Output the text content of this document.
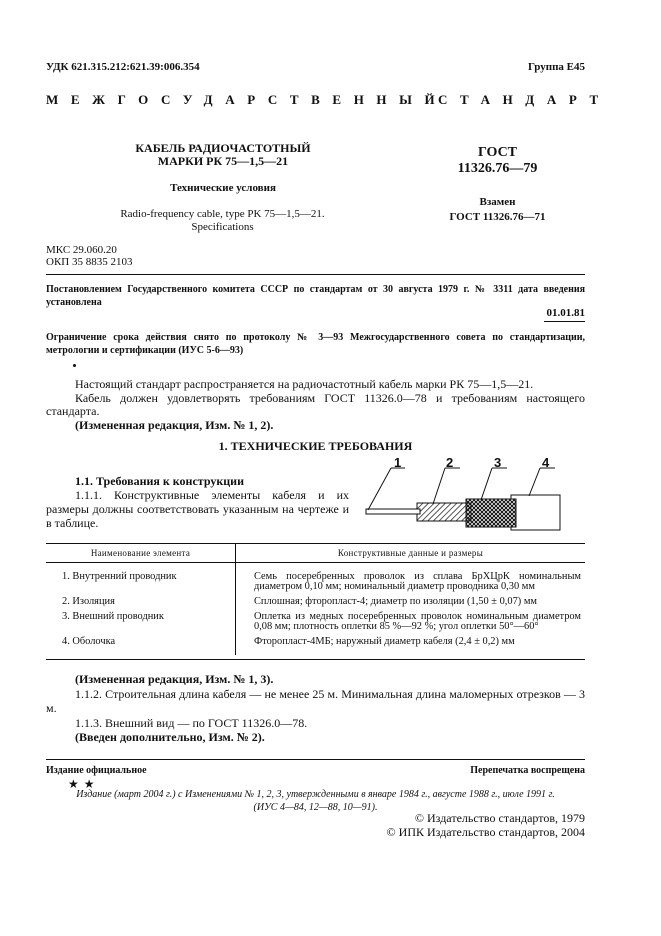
УДК 621.315.212:621.39:006.354	Группа Е45
МЕЖГОСУДАРСТВЕННЫЙ
СТАНДАРТ
КАБЕЛЬ РАДИОЧАСТОТНЫЙ
МАРКИ РК 75—1,5—21
Технические условия
Radio-frequency cable, type PK 75—1,5—21.
Specifications
ГОСТ
11326.76—79
Взамен
ГОСТ 11326.76—71
МКС 29.060.20
ОКП 35 8835 2103
Постановлением Государственного комитета СССР по стандартам от 30 августа 1979 г. № 3311 дата введения установлена
01.01.81
Ограничение срока действия снято по протоколу № 3—93 Межгосударственного совета по стандартизации, метрологии и сертификации (ИУС 5-6—93)
Настоящий стандарт распространяется на радиочастотный кабель марки РК 75—1,5—21.
Кабель должен удовлетворять требованиям ГОСТ 11326.0—78 и требованиям настоящего стандарта.
(Измененная редакция, Изм. № 1, 2).
1. ТЕХНИЧЕСКИЕ ТРЕБОВАНИЯ
1.1. Требования к конструкции
1.1.1. Конструктивные элементы кабеля и их размеры должны соответствовать указанным на чертеже и в таблице.
1	2	3	4
Наименование элемента	Конструктивные данные и размеры
1. Внутренний проводник	Семь посеребренных проволок из сплава БрХЦрК номинальным диаметром 0,10 мм; номинальный диаметр проводника 0,30 мм
2. Изоляция	Сплошная; фторопласт-4; диаметр по изоляции (1,50 ± 0,07) мм
3. Внешний проводник	Оплетка из медных посеребренных проволок номинальным диаметром 0,08 мм; плотность оплетки 85 %—92 %; угол оплетки 50°—60°
4. Оболочка	Фторопласт-4МБ; наружный диаметр кабеля (2,4 ± 0,2) мм
(Измененная редакция, Изм. № 1, 3).
1.1.2. Строительная длина кабеля — не менее 25 м. Минимальная длина маломерных отрезков — 3 м.
1.1.3. Внешний вид — по ГОСТ 11326.0—78.
(Введен дополнительно, Изм. № 2).
Издание официальное	Перепечатка воспрещена
★ ★
Издание (март 2004 г.) с Изменениями № 1, 2, 3, утвержденными в январе 1984 г., августе 1988 г., июле 1991 г.
(ИУС 4—84, 12—88, 10—91).
© Издательство стандартов, 1979
© ИПК Издательство стандартов, 2004
